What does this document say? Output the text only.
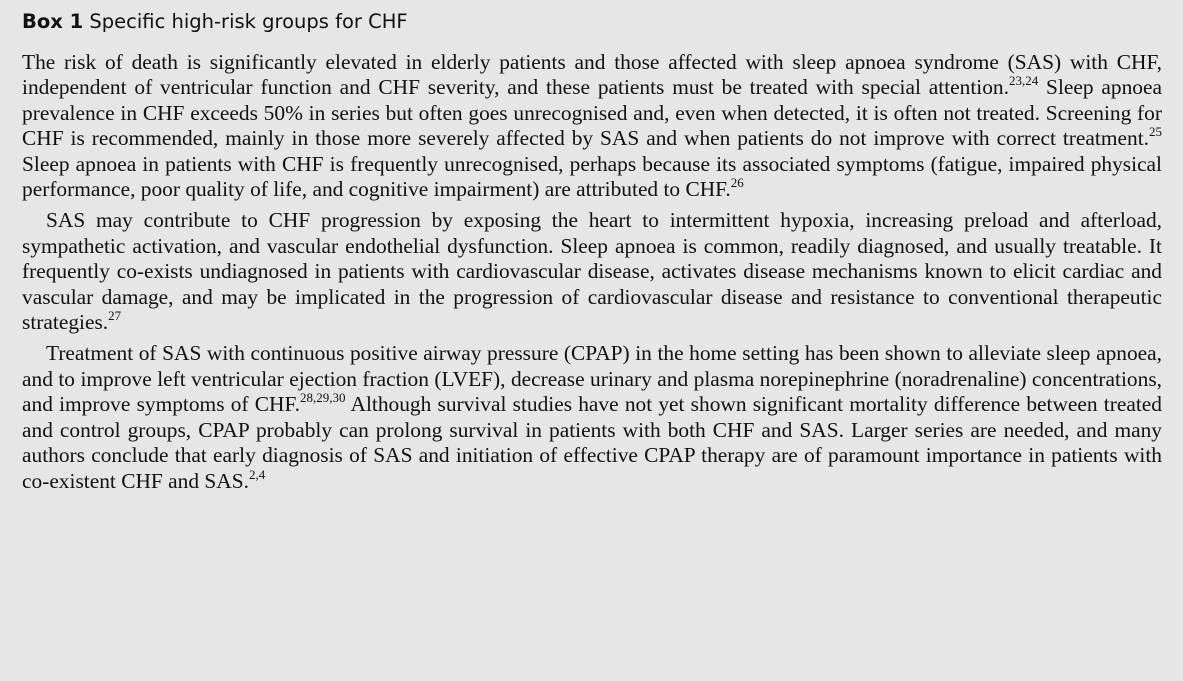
Box 1 Specific high-risk groups for CHF

The risk of death is significantly elevated in elderly patients and those affected with sleep apnoea syndrome (SAS) with CHF, independent of ventricular function and CHF severity, and these patients must be treated with special attention.$^{23,24}$ Sleep apnoea prevalence in CHF exceeds 50% in series but often goes unrecognised and, even when detected, it is often not treated. Screening for CHF is recommended, mainly in those more severely affected by SAS and when patients do not improve with correct treatment.$^{25}$ Sleep apnoea in patients with CHF is frequently unrecognised, perhaps because its associated symptoms (fatigue, impaired physical performance, poor quality of life, and cognitive impairment) are attributed to CHF.$^{26}$

SAS may contribute to CHF progression by exposing the heart to intermittent hypoxia, increasing preload and afterload, sympathetic activation, and vascular endothelial dysfunction. Sleep apnoea is common, readily diagnosed, and usually treatable. It frequently co-exists undiagnosed in patients with cardiovascular disease, activates disease mechanisms known to elicit cardiac and vascular damage, and may be implicated in the progression of cardiovascular disease and resistance to conventional therapeutic strategies.$^{27}$

Treatment of SAS with continuous positive airway pressure (CPAP) in the home setting has been shown to alleviate sleep apnoea, and to improve left ventricular ejection fraction (LVEF), decrease urinary and plasma norepinephrine (noradrenaline) concentrations, and improve symptoms of CHF.$^{28,29,30}$ Although survival studies have not yet shown significant mortality difference between treated and control groups, CPAP probably can prolong survival in patients with both CHF and SAS. Larger series are needed, and many authors conclude that early diagnosis of SAS and initiation of effective CPAP therapy are of paramount importance in patients with co-existent CHF and SAS.$^{2,4}$
